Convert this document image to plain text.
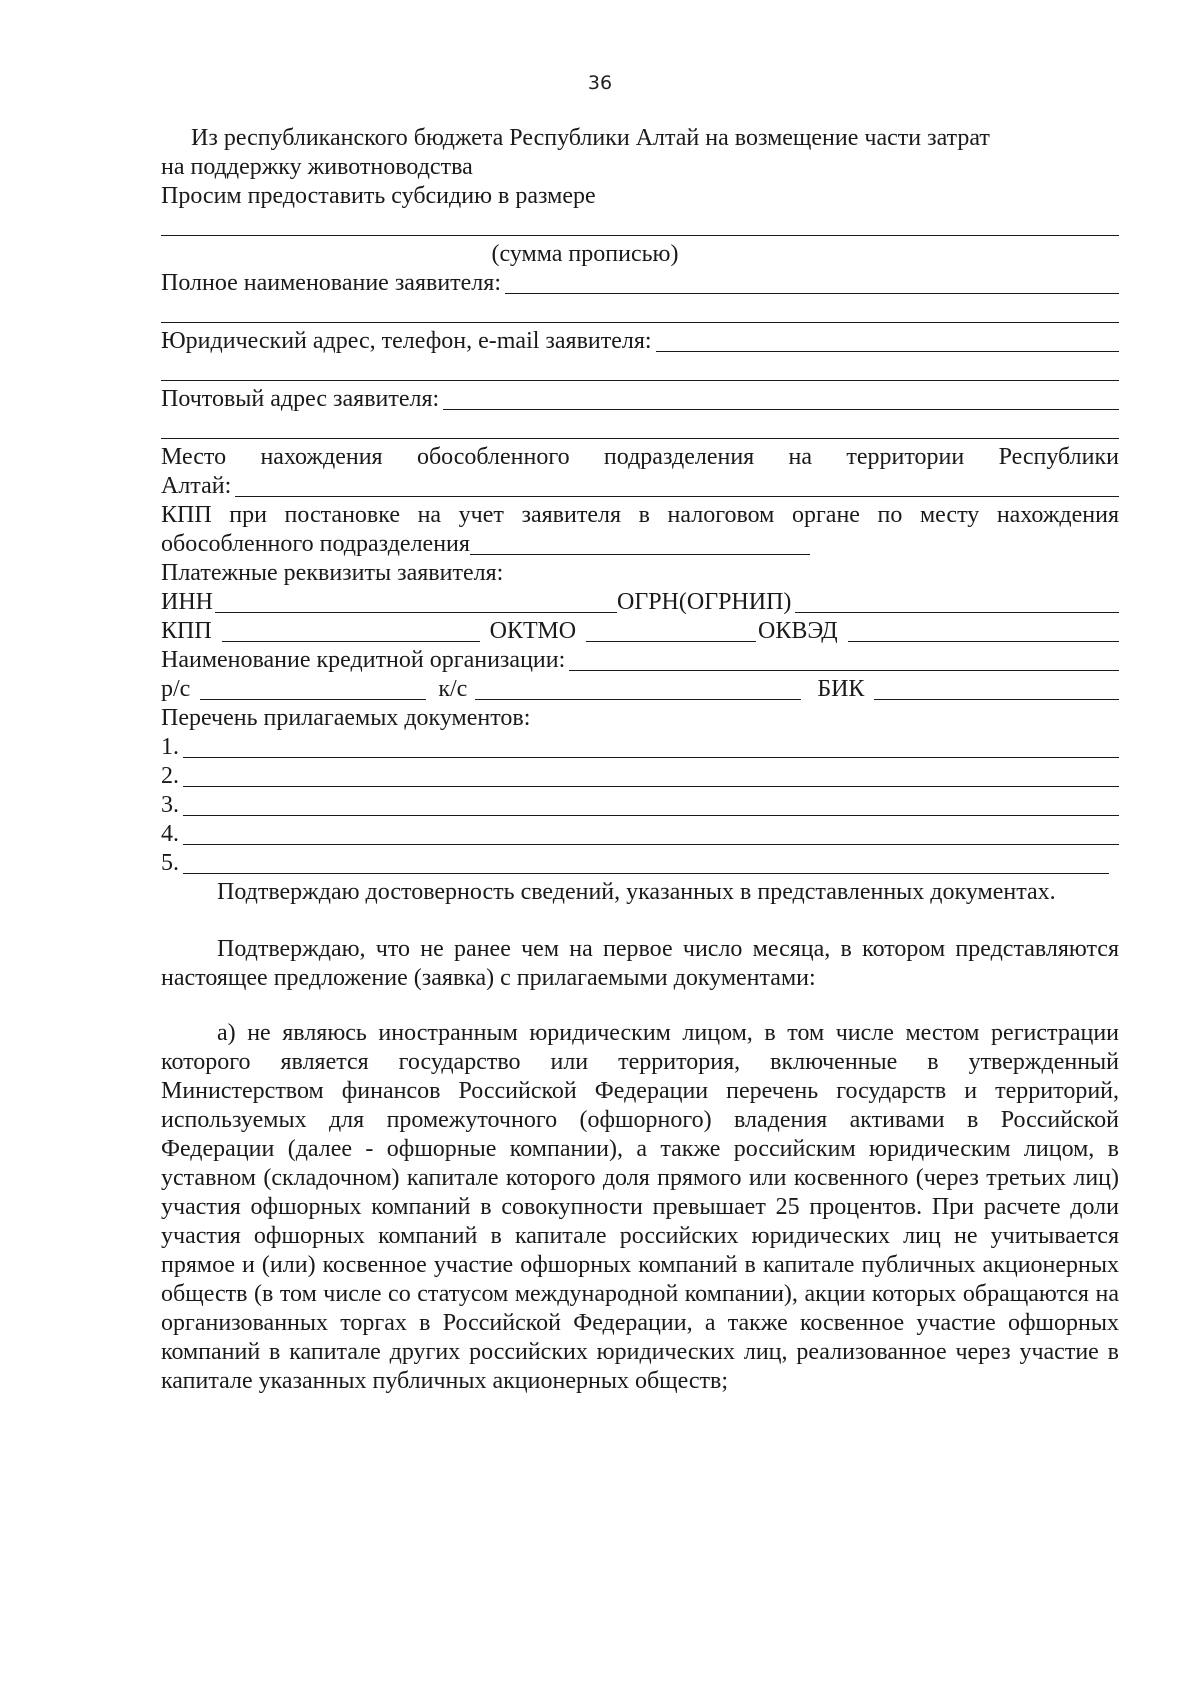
36
Из республиканского бюджета Республики Алтай на возмещение части затрат
на поддержку животноводства
Просим предоставить субсидию в размере
(сумма прописью)
Полное наименование заявителя:
Юридический адрес, телефон, e-mail заявителя:
Почтовый адрес заявителя:
Место нахождения обособленного подразделения на территории Республики
Алтай:
КПП при постановке на учет заявителя в налоговом органе по месту нахождения
обособленного подразделения
Платежные реквизиты заявителя:
ИНН	ОГРН(ОГРНИП)
КПП	ОКТМО	ОКВЭД
Наименование кредитной организации:
р/с	к/с	БИК
Перечень прилагаемых документов:
1.
2.
3.
4.
5.

Подтверждаю достоверность сведений, указанных в представленных документах.

Подтверждаю, что не ранее чем на первое число месяца, в котором представляются настоящее предложение (заявка) с прилагаемыми документами:

а) не являюсь иностранным юридическим лицом, в том числе местом регистрации которого является государство или территория, включенные в утвержденный Министерством финансов Российской Федерации перечень государств и территорий, используемых для промежуточного (офшорного) владения активами в Российской Федерации (далее - офшорные компании), а также российским юридическим лицом, в уставном (складочном) капитале которого доля прямого или косвенного (через третьих лиц) участия офшорных компаний в совокупности превышает 25 процентов. При расчете доли участия офшорных компаний в капитале российских юридических лиц не учитывается прямое и (или) косвенное участие офшорных компаний в капитале публичных акционерных обществ (в том числе со статусом международной компании), акции которых обращаются на организованных торгах в Российской Федерации, а также косвенное участие офшорных компаний в капитале других российских юридических лиц, реализованное через участие в капитале указанных публичных акционерных обществ;
